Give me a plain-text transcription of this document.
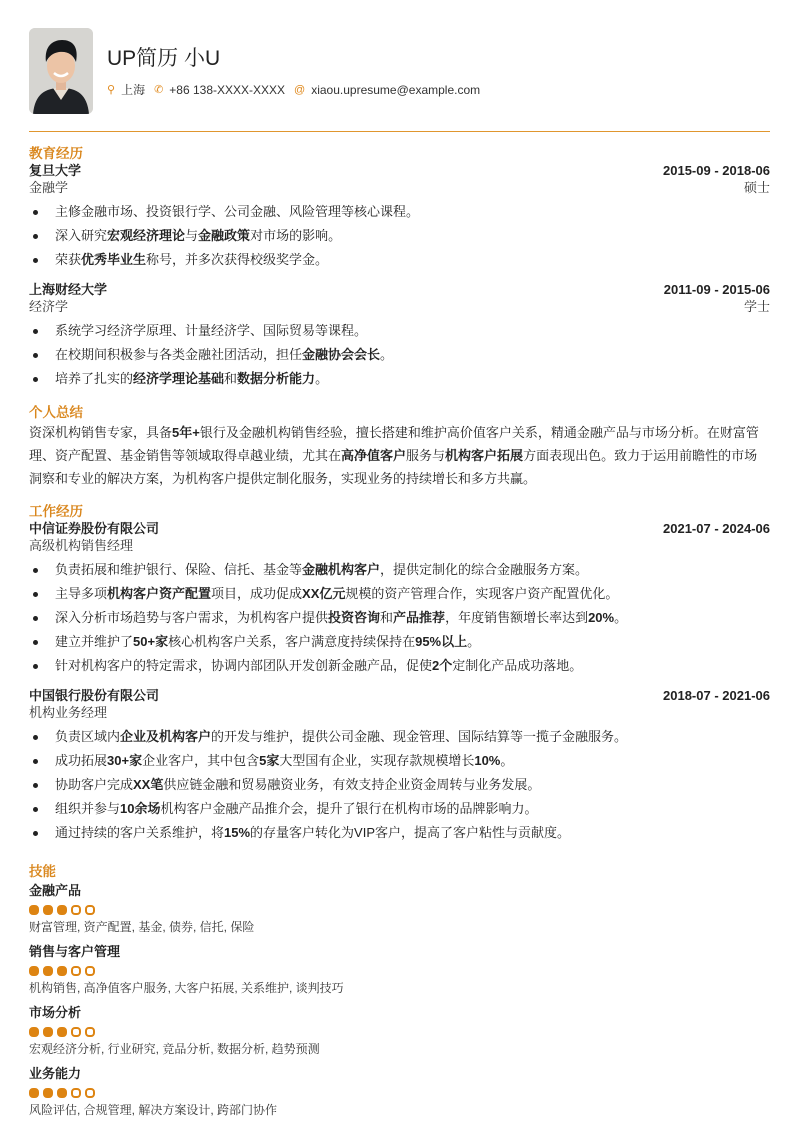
UP简历 小U
⚲ 上海 ✆ +86 138-XXXX-XXXX @ xiaou.upresume@example.com
教育经历
复旦大学	2015-09 - 2018-06
金融学	硕士
主修金融市场、投资银行学、公司金融、风险管理等核心课程。
深入研究宏观经济理论与金融政策对市场的影响。
荣获优秀毕业生称号，并多次获得校级奖学金。
上海财经大学	2011-09 - 2015-06
经济学	学士
系统学习经济学原理、计量经济学、国际贸易等课程。
在校期间积极参与各类金融社团活动，担任金融协会会长。
培养了扎实的经济学理论基础和数据分析能力。
个人总结
资深机构销售专家，具备5年+银行及金融机构销售经验，擅长搭建和维护高价值客户关系，精通金融产品与市场分析。在财富管理、资产配置、基金销售等领域取得卓越业绩，尤其在高净值客户服务与机构客户拓展方面表现出色。致力于运用前瞻性的市场洞察和专业的解决方案，为机构客户提供定制化服务，实现业务的持续增长和多方共赢。
工作经历
中信证券股份有限公司	2021-07 - 2024-06
高级机构销售经理
负责拓展和维护银行、保险、信托、基金等金融机构客户，提供定制化的综合金融服务方案。
主导多项机构客户资产配置项目，成功促成XX亿元规模的资产管理合作，实现客户资产配置优化。
深入分析市场趋势与客户需求，为机构客户提供投资咨询和产品推荐，年度销售额增长率达到20%。
建立并维护了50+家核心机构客户关系，客户满意度持续保持在95%以上。
针对机构客户的特定需求，协调内部团队开发创新金融产品，促使2个定制化产品成功落地。
中国银行股份有限公司	2018-07 - 2021-06
机构业务经理
负责区域内企业及机构客户的开发与维护，提供公司金融、现金管理、国际结算等一揽子金融服务。
成功拓展30+家企业客户，其中包含5家大型国有企业，实现存款规模增长10%。
协助客户完成XX笔供应链金融和贸易融资业务，有效支持企业资金周转与业务发展。
组织并参与10余场机构客户金融产品推介会，提升了银行在机构市场的品牌影响力。
通过持续的客户关系维护，将15%的存量客户转化为VIP客户，提高了客户粘性与贡献度。
技能
金融产品
财富管理, 资产配置, 基金, 债券, 信托, 保险
销售与客户管理
机构销售, 高净值客户服务, 大客户拓展, 关系维护, 谈判技巧
市场分析
宏观经济分析, 行业研究, 竞品分析, 数据分析, 趋势预测
业务能力
风险评估, 合规管理, 解决方案设计, 跨部门协作
